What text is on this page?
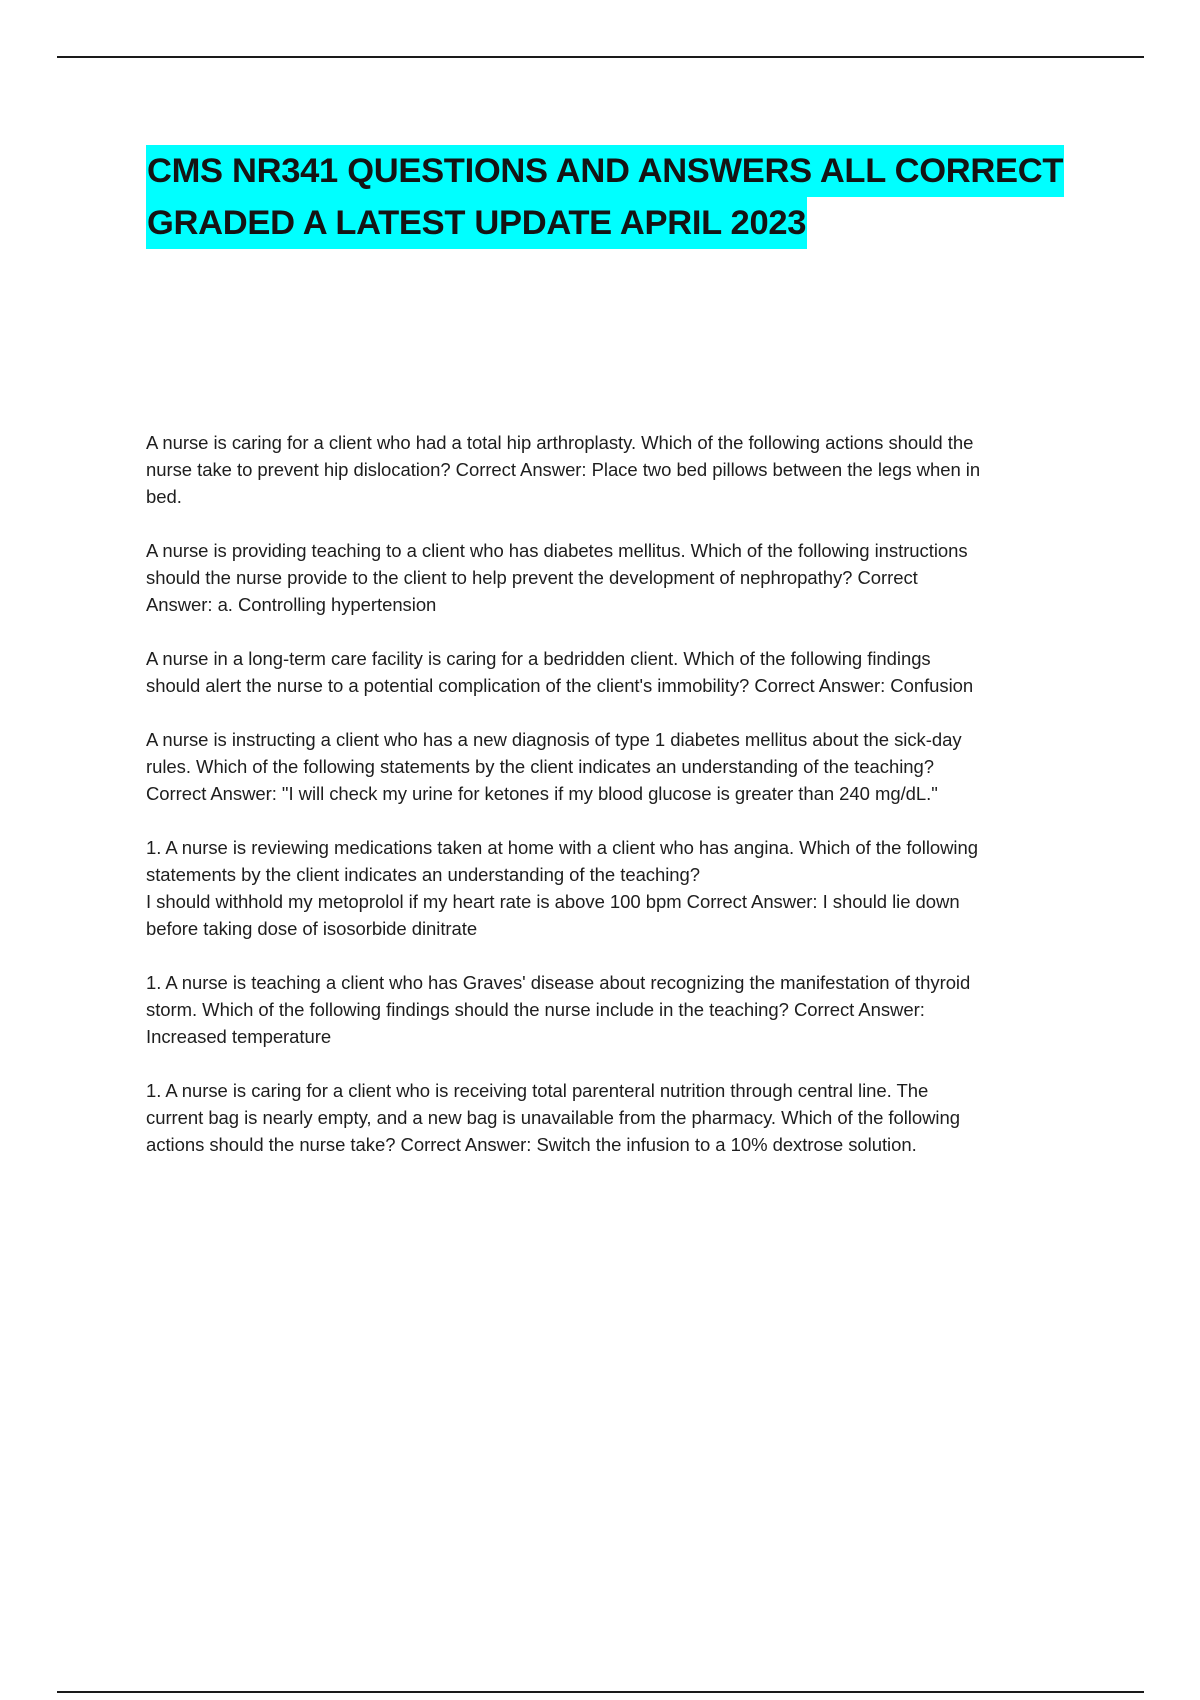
CMS NR341 QUESTIONS AND ANSWERS ALL CORRECT
GRADED A LATEST UPDATE APRIL 2023
A nurse is caring for a client who had a total hip arthroplasty. Which of the following actions should the
nurse take to prevent hip dislocation? Correct Answer: Place two bed pillows between the legs when in
bed.
A nurse is providing teaching to a client who has diabetes mellitus. Which of the following instructions
should the nurse provide to the client to help prevent the development of nephropathy? Correct
Answer: a. Controlling hypertension
A nurse in a long-term care facility is caring for a bedridden client. Which of the following findings
should alert the nurse to a potential complication of the client's immobility? Correct Answer: Confusion
A nurse is instructing a client who has a new diagnosis of type 1 diabetes mellitus about the sick-day
rules. Which of the following statements by the client indicates an understanding of the teaching?
Correct Answer: "I will check my urine for ketones if my blood glucose is greater than 240 mg/dL."
1. A nurse is reviewing medications taken at home with a client who has angina. Which of the following
statements by the client indicates an understanding of the teaching?
I should withhold my metoprolol if my heart rate is above 100 bpm Correct Answer: I should lie down
before taking dose of isosorbide dinitrate
1. A nurse is teaching a client who has Graves' disease about recognizing the manifestation of thyroid
storm. Which of the following findings should the nurse include in the teaching? Correct Answer:
Increased temperature
1. A nurse is caring for a client who is receiving total parenteral nutrition through central line. The
current bag is nearly empty, and a new bag is unavailable from the pharmacy. Which of the following
actions should the nurse take? Correct Answer: Switch the infusion to a 10% dextrose solution.
